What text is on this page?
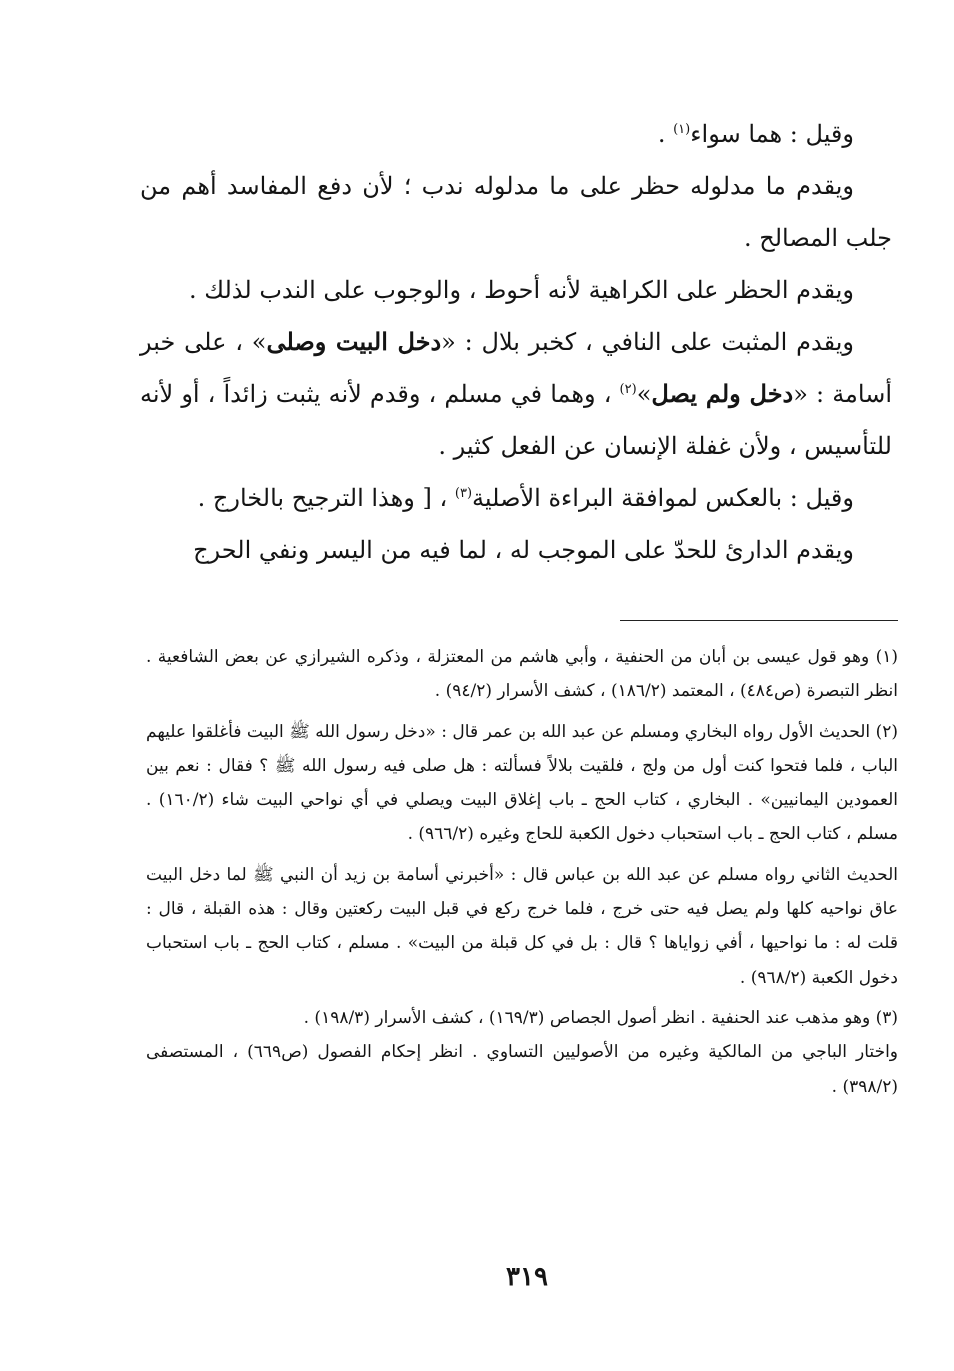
وقيل : هما سواء$^{(١)}$ .

ويقدم ما مدلوله حظر على ما مدلوله ندب ؛ لأن دفع المفاسد أهم من جلب المصالح .

ويقدم الحظر على الكراهية لأنه أحوط ، والوجوب على الندب لذلك .

ويقدم المثبت على النافي ، كخبر بلال : «دخل البيت وصلى» ، على خبر أسامة : «دخل ولم يصل»$^{(٢)}$ ، وهما في مسلم ، وقدم لأنه يثبت زائداً ، أو لأنه للتأسيس ، ولأن غفلة الإنسان عن الفعل كثير .

وقيل : بالعكس لموافقة البراءة الأصلية$^{(٣)}$ ، [ وهذا الترجيح بالخارج .

ويقدم الدارئ للحدّ على الموجب له ، لما فيه من اليسر ونفي الحرج

(١) وهو قول عيسى بن أبان من الحنفية ، وأبي هاشم من المعتزلة ، وذكره الشيرازي عن بعض الشافعية . انظر التبصرة (ص٤٨٤) ، المعتمد (١٨٦/٢) ، كشف الأسرار (٩٤/٢) .

(٢) الحديث الأول رواه البخاري ومسلم عن عبد الله بن عمر قال : «دخل رسول الله ﷺ البيت فأغلقوا عليهم الباب ، فلما فتحوا كنت أول من ولج ، فلقيت بلالاً فسألته : هل صلى فيه رسول الله ﷺ ؟ فقال : نعم بين العمودين اليمانيين» . البخاري ، كتاب الحج ـ باب إغلاق البيت ويصلي في أي نواحي البيت شاء (١٦٠/٢) . مسلم ، كتاب الحج ـ باب استحباب دخول الكعبة للحاج وغيره (٩٦٦/٢) .

الحديث الثاني رواه مسلم عن عبد الله بن عباس قال : «أخبرني أسامة بن زيد أن النبي ﷺ لما دخل البيت عاق نواحيه كلها ولم يصل فيه حتى خرج ، فلما خرج ركع في قبل البيت ركعتين وقال : هذه القبلة ، قال : قلت له : ما نواحيها ، أفي زواياها ؟ قال : بل في كل قبلة من البيت» . مسلم ، كتاب الحج ـ باب استحباب دخول الكعبة (٩٦٨/٢) .

(٣) وهو مذهب عند الحنفية . انظر أصول الجصاص (١٦٩/٣) ، كشف الأسرار (١٩٨/٣) .

واختار الباجي من المالكية وغيره من الأصوليين التساوي . انظر إحكام الفصول (ص٦٦٩) ، المستصفى (٣٩٨/٢) .

٣١٩
